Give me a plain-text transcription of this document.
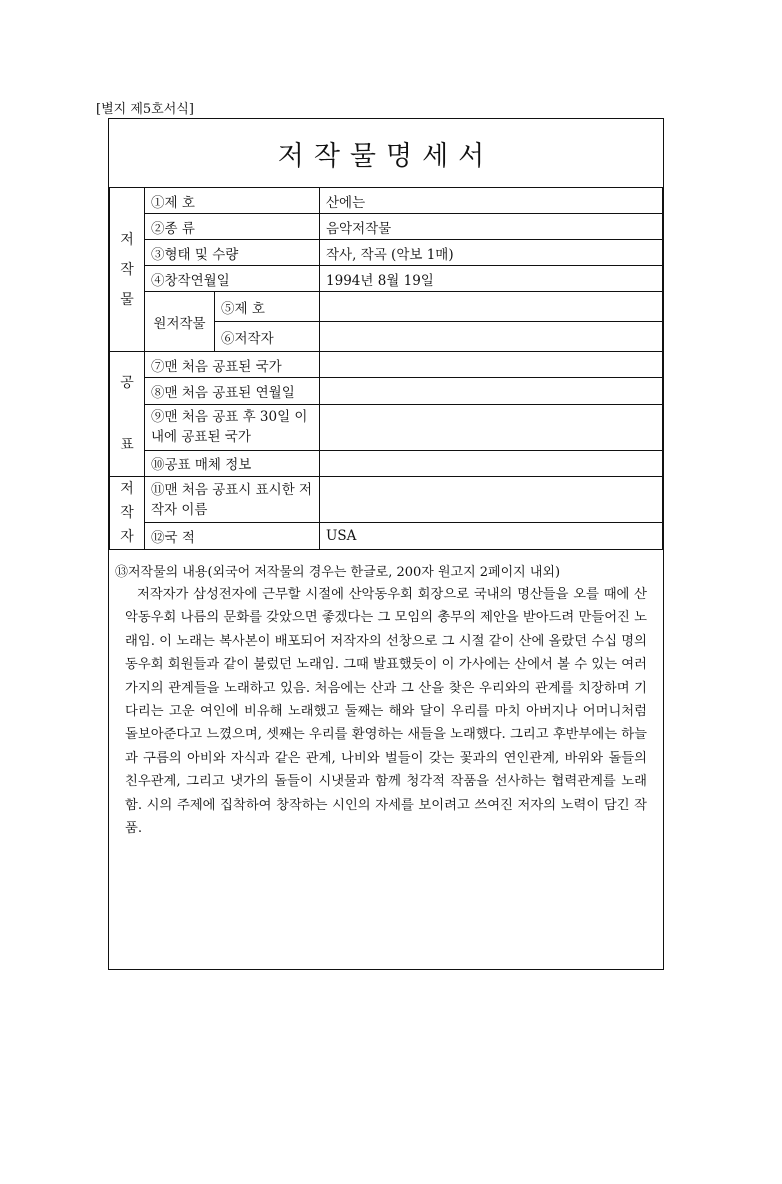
[별지 제5호서식]
저작물명세서
저
작
물	①제 호		산에는
	②종 류		음악저작물
	③형태 및 수량		작사, 작곡 (악보 1매)
	④창작연월일		1994년 8월 19일
	원저작물	⑤제 호	
		⑥저작자	
공
표	⑦맨 처음 공표된 국가		
	⑧맨 처음 공표된 연월일		
	⑨맨 처음 공표 후 30일 이내에 공표된 국가		
	⑩공표 매체 정보		
저
작
자	⑪맨 처음 공표시 표시한 저작자 이름		
	⑫국 적		USA
⑬저작물의 내용(외국어 저작물의 경우는 한글로, 200자 원고지 2페이지 내외)
저작자가 삼성전자에 근무할 시절에 산악동우회 회장으로 국내의 명산들을 오를 때에 산악동우회 나름의 문화를 갖았으면 좋겠다는 그 모임의 총무의 제안을 받아드려 만들어진 노래임. 이 노래는 복사본이 배포되어 저작자의 선창으로 그 시절 같이 산에 올랐던 수십 명의 동우회 회원들과 같이 불렀던 노래임. 그때 발표했듯이 이 가사에는 산에서 볼 수 있는 여러 가지의 관계들을 노래하고 있음. 처음에는 산과 그 산을 찾은 우리와의 관계를 치장하며 기다리는 고운 여인에 비유해 노래했고 둘째는 해와 달이 우리를 마치 아버지나 어머니처럼 돌보아준다고 느꼈으며, 셋째는 우리를 환영하는 새들을 노래했다. 그리고 후반부에는 하늘과 구름의 아비와 자식과 같은 관계, 나비와 벌들이 갖는 꽃과의 연인관계, 바위와 돌들의 친우관계, 그리고 냇가의 돌들이 시냇물과 함께 청각적 작품을 선사하는 협력관계를 노래함. 시의 주제에 집착하여 창작하는 시인의 자세를 보이려고 쓰여진 저자의 노력이 담긴 작품.
